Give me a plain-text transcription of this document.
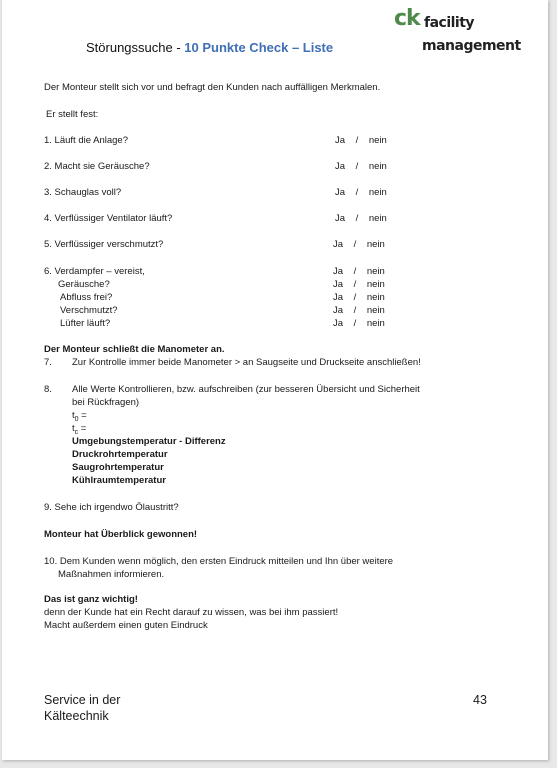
ck facility
management
Störungssuche - 10 Punkte Check – Liste
Der Monteur stellt sich vor und befragt den Kunden nach auffälligen Merkmalen.
Er stellt fest:
1. Läuft die Anlage?
2. Macht sie Geräusche?
3. Schauglas voll?
4. Verflüssiger Ventilator läuft?
5. Verflüssiger verschmutzt?
6. Verdampfer – vereist,
Geräusche?
Abfluss frei?
Verschmutzt?
Lüfter läuft?
Ja / nein
Ja / nein
Ja / nein
Ja / nein
Ja / nein
Ja / nein
Ja / nein
Ja / nein
Ja / nein
Ja / nein
Der Monteur schließt die Manometer an.
7. Zur Kontrolle immer beide Manometer > an Saugseite und Druckseite anschließen!
8. Alle Werte Kontrollieren, bzw. aufschreiben (zur besseren Übersicht und Sicherheit
bei Rückfragen)
$t_0$ =
$t_c$ =
Umgebungstemperatur - Differenz
Druckrohrtemperatur
Saugrohrtemperatur
Kühlraumtemperatur
9. Sehe ich irgendwo Ölaustritt?
Monteur hat Überblick gewonnen!
10. Dem Kunden wenn möglich, den ersten Eindruck mitteilen und Ihn über weitere
Maßnahmen informieren.
Das ist ganz wichtig!
denn der Kunde hat ein Recht darauf zu wissen, was bei ihm passiert!
Macht außerdem einen guten Eindruck
Service in der
Kälteechnik
43
